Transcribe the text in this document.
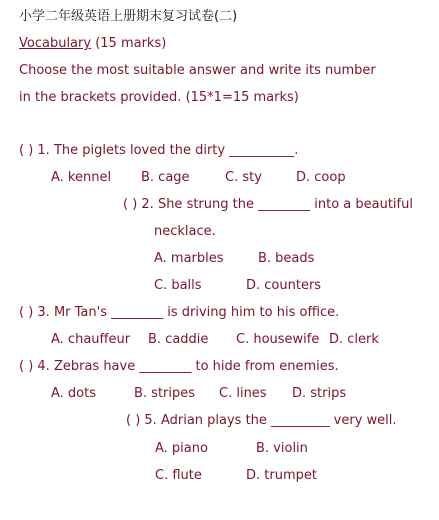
小学二年级英语上册期末复习试卷(二)
Vocabulary (15 marks)
Choose the most suitable answer and write its number
in the brackets provided. (15*1=15 marks)
( ) 1. The piglets loved the dirty __________.
A. kennel B. cage	C. sty	D. coop
( ) 2. She strung the ________ into a beautiful
necklace.
A. marbles	B. beads
C. balls	D. counters
( ) 3. Mr Tan's ________ is driving him to his office.
A. chauffeur B. caddie C. housewife D. clerk
( ) 4. Zebras have ________ to hide from enemies.
A. dots	B. stripes C. lines D. strips
( ) 5. Adrian plays the _________ very well.
A. piano	B. violin
C. flute	D. trumpet
